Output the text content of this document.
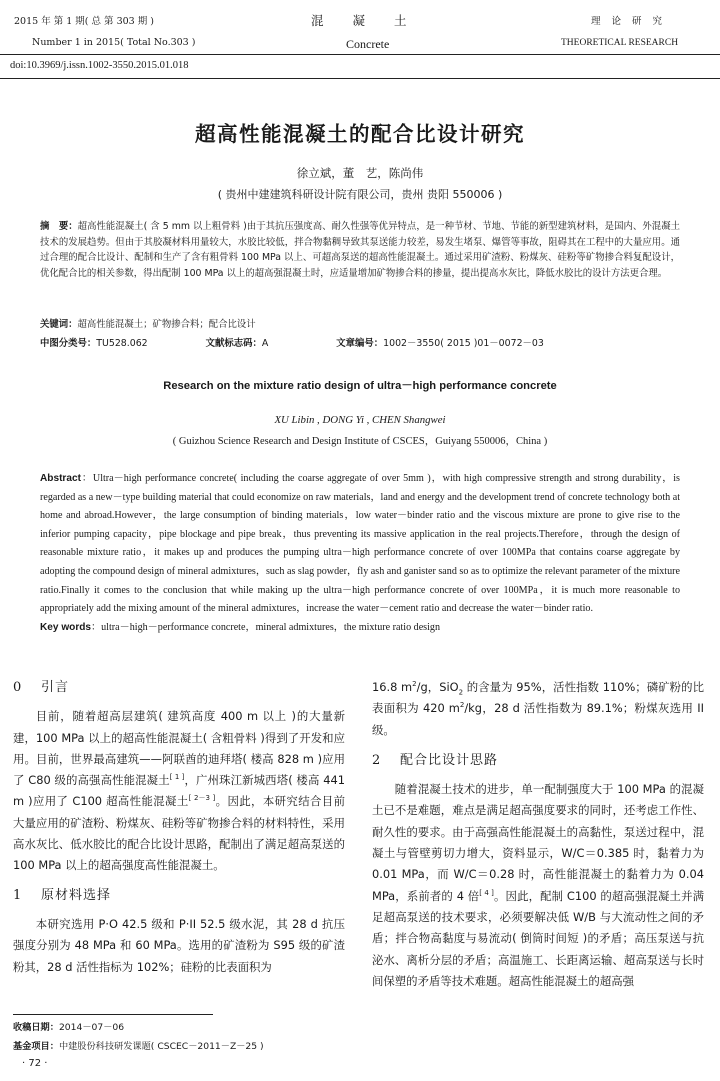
2015 年 第 1 期( 总 第 303 期 )
Number 1 in 2015( Total No.303 )
混凝土
Concrete
理 论 研 究
THEORETICAL RESEARCH
doi:10.3969/j.issn.1002-3550.2015.01.018
超高性能混凝土的配合比设计研究
徐立斌，董　艺，陈尚伟
( 贵州中建建筑科研设计院有限公司，贵州 贵阳 550006 )
摘　要：超高性能混凝土( 含 5 mm 以上粗骨料 )由于其抗压强度高、耐久性强等优异特点，是一种节材、节地、节能的新型建筑材料，是国内、外混凝土技术的发展趋势。但由于其胶凝材料用量较大，水胶比较低，拌合物黏稠导致其泵送能力较差，易发生堵泵、爆管等事故，阻碍其在工程中的大量应用。通过合理的配合比设计、配制和生产了含有粗骨料 100 MPa 以上、可超高泵送的超高性能混凝土。通过采用矿渣粉、粉煤灰、硅粉等矿物掺合料复配设计，优化配合比的相关参数，得出配制 100 MPa 以上的超高强混凝土时，应适量增加矿物掺合料的掺量，提出提高水灰比，降低水胶比的设计方法更合理。
关键词：超高性能混凝土；矿物掺合料；配合比设计
中图分类号：TU528.062	文献标志码：A	文章编号：1002－3550( 2015 )01－0072－03
Research on the mixture ratio design of ultra－high performance concrete
XU Libin , DONG Yi , CHEN Shangwei
( Guizhou Science Research and Design Institute of CSCES，Guiyang 550006，China )
Abstract：Ultra－high performance concrete( including the coarse aggregate of over 5mm )，with high compressive strength and strong durability，is regarded as a new－type building material that could economize on raw materials，land and energy and the development trend of concrete technology both at home and abroad.However，the large consumption of binding materials，low water－binder ratio and the viscous mixture are prone to give rise to the inferior pumping capacity，pipe blockage and pipe break，thus preventing its massive application in the real projects.Therefore，through the design of reasonable mixture ratio，it makes up and produces the pumping ultra－high performance concrete of over 100MPa that contains coarse aggregate by adopting the compound design of mineral admixtures，such as slag powder，fly ash and ganister sand so as to optimize the relevant parameter of the mixture ratio.Finally it comes to the conclusion that while making up the ultra－high performance concrete of over 100MPa，it is much more reasonable to appropriately add the mixing amount of the mineral admixtures，increase the water－cement ratio and decrease the water－binder ratio.
Key words：ultra－high－performance concrete，mineral admixtures，the mixture ratio design
0 引言

目前，随着超高层建筑( 建筑高度 400 m 以上 )的大量新建，100 MPa 以上的超高性能混凝土( 含粗骨料 )得到了开发和应用。目前，世界最高建筑——阿联酋的迪拜塔( 楼高 828 m )应用了 C80 级的高强高性能混凝土[ 1 ]，广州珠江新城西塔( 楼高 441 m )应用了 C100 超高性能混凝土[ 2－3 ]。因此，本研究结合目前大量应用的矿渣粉、粉煤灰、硅粉等矿物掺合料的材料特性，采用高水灰比、低水胶比的配合比设计思路，配制出了满足超高泵送的 100 MPa 以上的超高强度高性能混凝土。

1 原材料选择

本研究选用 P·O 42.5 级和 P·II 52.5 级水泥，其 28 d 抗压强度分别为 48 MPa 和 60 MPa。选用的矿渣粉为 S95 级的矿渣粉其，28 d 活性指标为 102%；硅粉的比表面积为

16.8 $m^2/g$，SiO$_2$ 的含量为 95%，活性指数 110%；磷矿粉的比表面积为 420 $m^2/kg$，28 d 活性指数为 89.1%；粉煤灰选用 II 级。

2 配合比设计思路

随着混凝土技术的进步，单一配制强度大于 100 MPa 的混凝土已不是难题，难点是满足超高强度要求的同时，还考虑工作性、耐久性的要求。由于高强高性能混凝土的高黏性，泵送过程中，混凝土与管壁剪切力增大，资料显示，W/C＝0.385 时，黏着力为 0.01 MPa，而 W/C＝0.28 时，高性能混凝土的黏着力为 0.04 MPa，系前者的 4 倍[ 4 ]。因此，配制 C100 的超高强混凝土并满足超高泵送的技术要求，必须要解决低 W/B 与大流动性之间的矛盾；拌合物高黏度与易流动( 倒筒时间短 )的矛盾；高压泵送与抗泌水、离析分层的矛盾；高温施工、长距离运输、超高泵送与长时间保塑的矛盾等技术难题。超高性能混凝土的超高强

收稿日期：2014－07－06
基金项目：中建股份科技研发课题( CSCEC－2011－Z－25 )
· 72 ·
